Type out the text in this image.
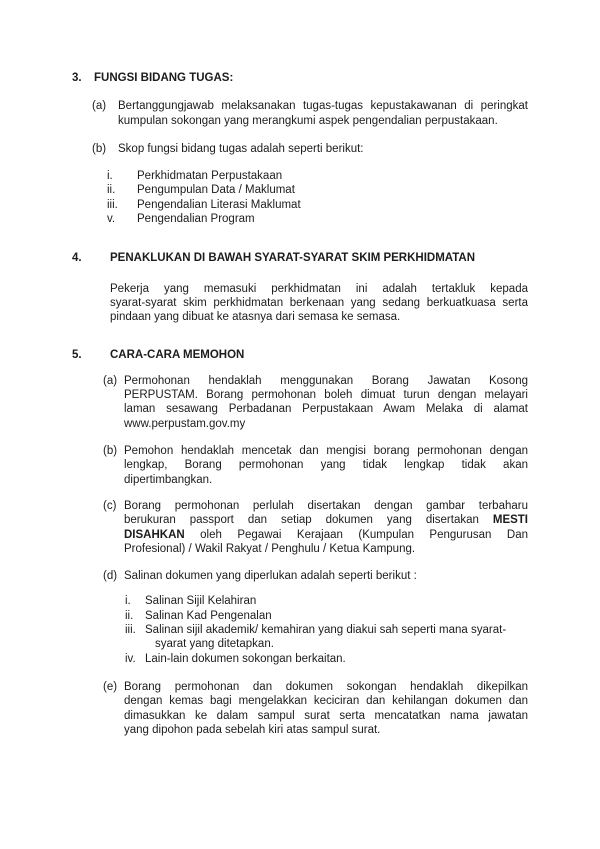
3.	FUNGSI BIDANG TUGAS:
(a)	Bertanggungjawab melaksanakan tugas-tugas kepustakawanan di peringkat
kumpulan sokongan yang merangkumi aspek pengendalian perpustakaan.
(b)	Skop fungsi bidang tugas adalah seperti berikut:
i.	Perkhidmatan Perpustakaan
ii.	Pengumpulan Data / Maklumat
iii.	Pengendalian Literasi Maklumat
v.	Pengendalian Program
4.	PENAKLUKAN DI BAWAH SYARAT-SYARAT SKIM PERKHIDMATAN
Pekerja yang memasuki perkhidmatan ini adalah tertakluk kepada
syarat-syarat skim perkhidmatan berkenaan yang sedang berkuatkuasa serta
pindaan yang dibuat ke atasnya dari semasa ke semasa.
5.	CARA-CARA MEMOHON
(a) Permohonan hendaklah menggunakan Borang Jawatan Kosong
PERPUSTAM. Borang permohonan boleh dimuat turun dengan melayari
laman sesawang Perbadanan Perpustakaan Awam Melaka di alamat
www.perpustam.gov.my
(b) Pemohon hendaklah mencetak dan mengisi borang permohonan dengan
lengkap, Borang permohonan yang tidak lengkap tidak akan
dipertimbangkan.
(c) Borang permohonan perlulah disertakan dengan gambar terbaharu
berukuran passport dan setiap dokumen yang disertakan MESTI
DISAHKAN oleh Pegawai Kerajaan (Kumpulan Pengurusan Dan
Profesional) / Wakil Rakyat / Penghulu / Ketua Kampung.
(d) Salinan dokumen yang diperlukan adalah seperti berikut :
i.	Salinan Sijil Kelahiran
ii.	Salinan Kad Pengenalan
iii. Salinan sijil akademik/ kemahiran yang diakui sah seperti mana syarat-
syarat yang ditetapkan.
iv. Lain-lain dokumen sokongan berkaitan.
(e) Borang permohonan dan dokumen sokongan hendaklah dikepilkan
dengan kemas bagi mengelakkan keciciran dan kehilangan dokumen dan
dimasukkan ke dalam sampul surat serta mencatatkan nama jawatan
yang dipohon pada sebelah kiri atas sampul surat.
